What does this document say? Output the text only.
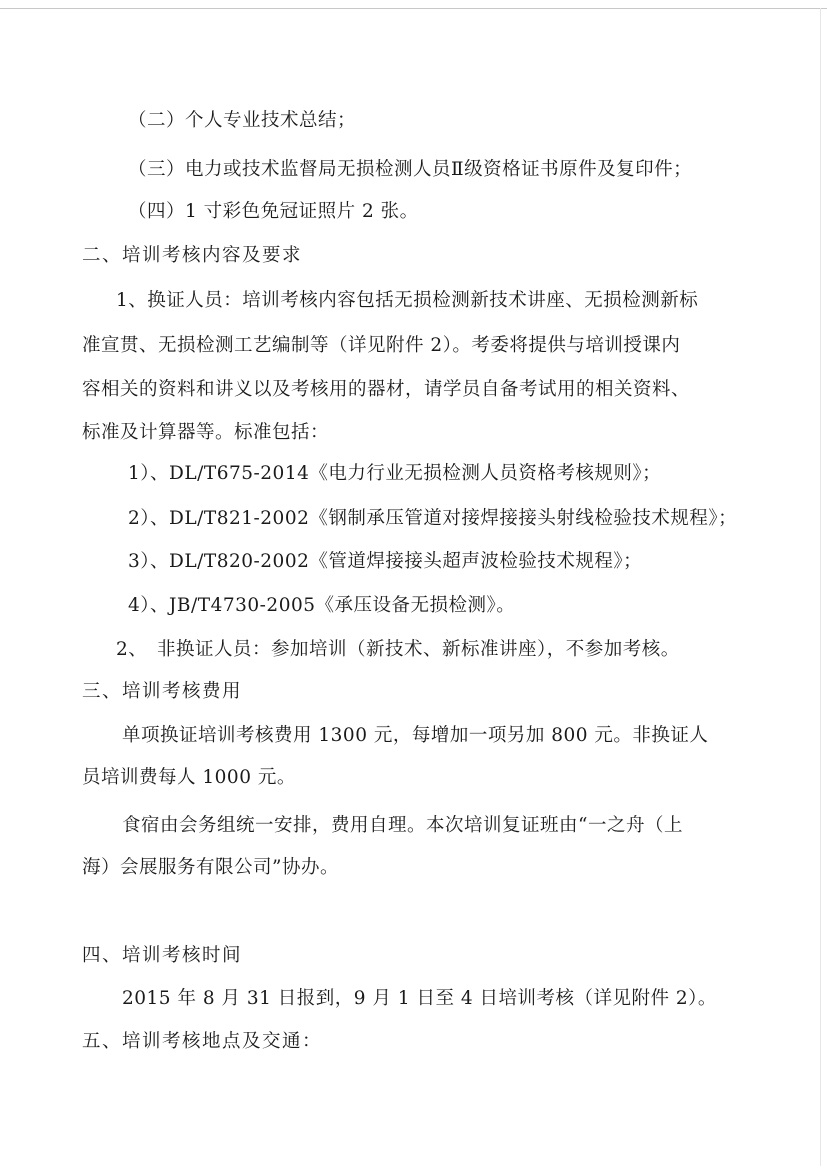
（二）个人专业技术总结；
（三）电力或技术监督局无损检测人员Ⅱ级资格证书原件及复印件；
（四）1 寸彩色免冠证照片 2 张。
二、培训考核内容及要求
1、换证人员：培训考核内容包括无损检测新技术讲座、无损检测新标
准宣贯、无损检测工艺编制等（详见附件 2）。考委将提供与培训授课内
容相关的资料和讲义以及考核用的器材，请学员自备考试用的相关资料、
标准及计算器等。标准包括：
1）、DL/T675-2014《电力行业无损检测人员资格考核规则》；
2）、DL/T821-2002《钢制承压管道对接焊接接头射线检验技术规程》；
3）、DL/T820-2002《管道焊接接头超声波检验技术规程》；
4）、JB/T4730-2005《承压设备无损检测》。
2、　非换证人员：参加培训（新技术、新标准讲座），不参加考核。
三、培训考核费用
单项换证培训考核费用 1300 元，每增加一项另加 800 元。非换证人
员培训费每人 1000 元。
食宿由会务组统一安排，费用自理。本次培训复证班由“一之舟（上
海）会展服务有限公司”协办。
四、培训考核时间
2015 年 8 月 31 日报到，9 月 1 日至 4 日培训考核（详见附件 2）。
五、培训考核地点及交通：
